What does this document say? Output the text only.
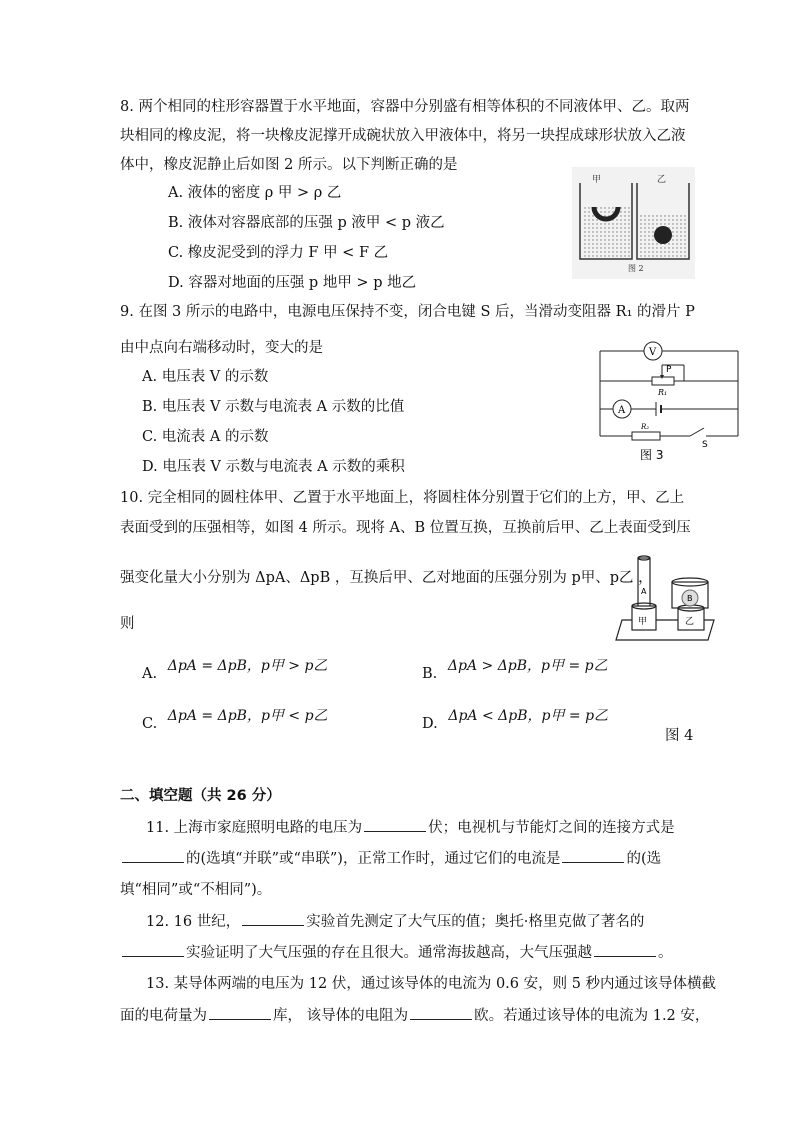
8. 两个相同的柱形容器置于水平地面，容器中分别盛有相等体积的不同液体甲、乙。取两
块相同的橡皮泥，将一块橡皮泥撑开成碗状放入甲液体中，将另一块捏成球形状放入乙液
体中，橡皮泥静止后如图 2 所示。以下判断正确的是
A. 液体的密度 ρ 甲 > ρ 乙
B. 液体对容器底部的压强 p 液甲 < p 液乙
C. 橡皮泥受到的浮力 F 甲 < F 乙
D. 容器对地面的压强 p 地甲 > p 地乙
甲	乙
图 2
9. 在图 3 所示的电路中，电源电压保持不变，闭合电键 S 后，当滑动变阻器 R₁ 的滑片 P
由中点向右端移动时，变大的是
A. 电压表 V 的示数
B. 电压表 V 示数与电流表 A 示数的比值
C. 电流表 A 的示数
D. 电压表 V 示数与电流表 A 示数的乘积
V
A
P
R₁
R₂
S
图 3
10. 完全相同的圆柱体甲、乙置于水平地面上，将圆柱体分别置于它们的上方，甲、乙上
表面受到的压强相等，如图 4 所示。现将 A、B 位置互换，互换前后甲、乙上表面受到压
强变化量大小分别为 ΔpA、ΔpB ，互换后甲、乙对地面的压强分别为 p甲、p乙 ，
则
A. ΔpA = ΔpB，p甲 > p乙	B. ΔpA > ΔpB，p甲 = p乙
C. ΔpA = ΔpB，p甲 < p乙	D. ΔpA < ΔpB，p甲 = p乙
A
B
甲	乙
图 4
二、填空题（共 26 分）
11. 上海市家庭照明电路的电压为	伏；电视机与节能灯之间的连接方式是
的(选填“并联”或“串联”)，正常工作时，通过它们的电流是	的(选
填“相同”或“不相同”)。
12. 16 世纪，	实验首先测定了大气压的值；奥托·格里克做了著名的
实验证明了大气压强的存在且很大。通常海拔越高，大气压强越	。
13. 某导体两端的电压为 12 伏，通过该导体的电流为 0.6 安，则 5 秒内通过该导体横截
面的电荷量为	库， 该导体的电阻为	欧。若通过该导体的电流为 1.2 安，
